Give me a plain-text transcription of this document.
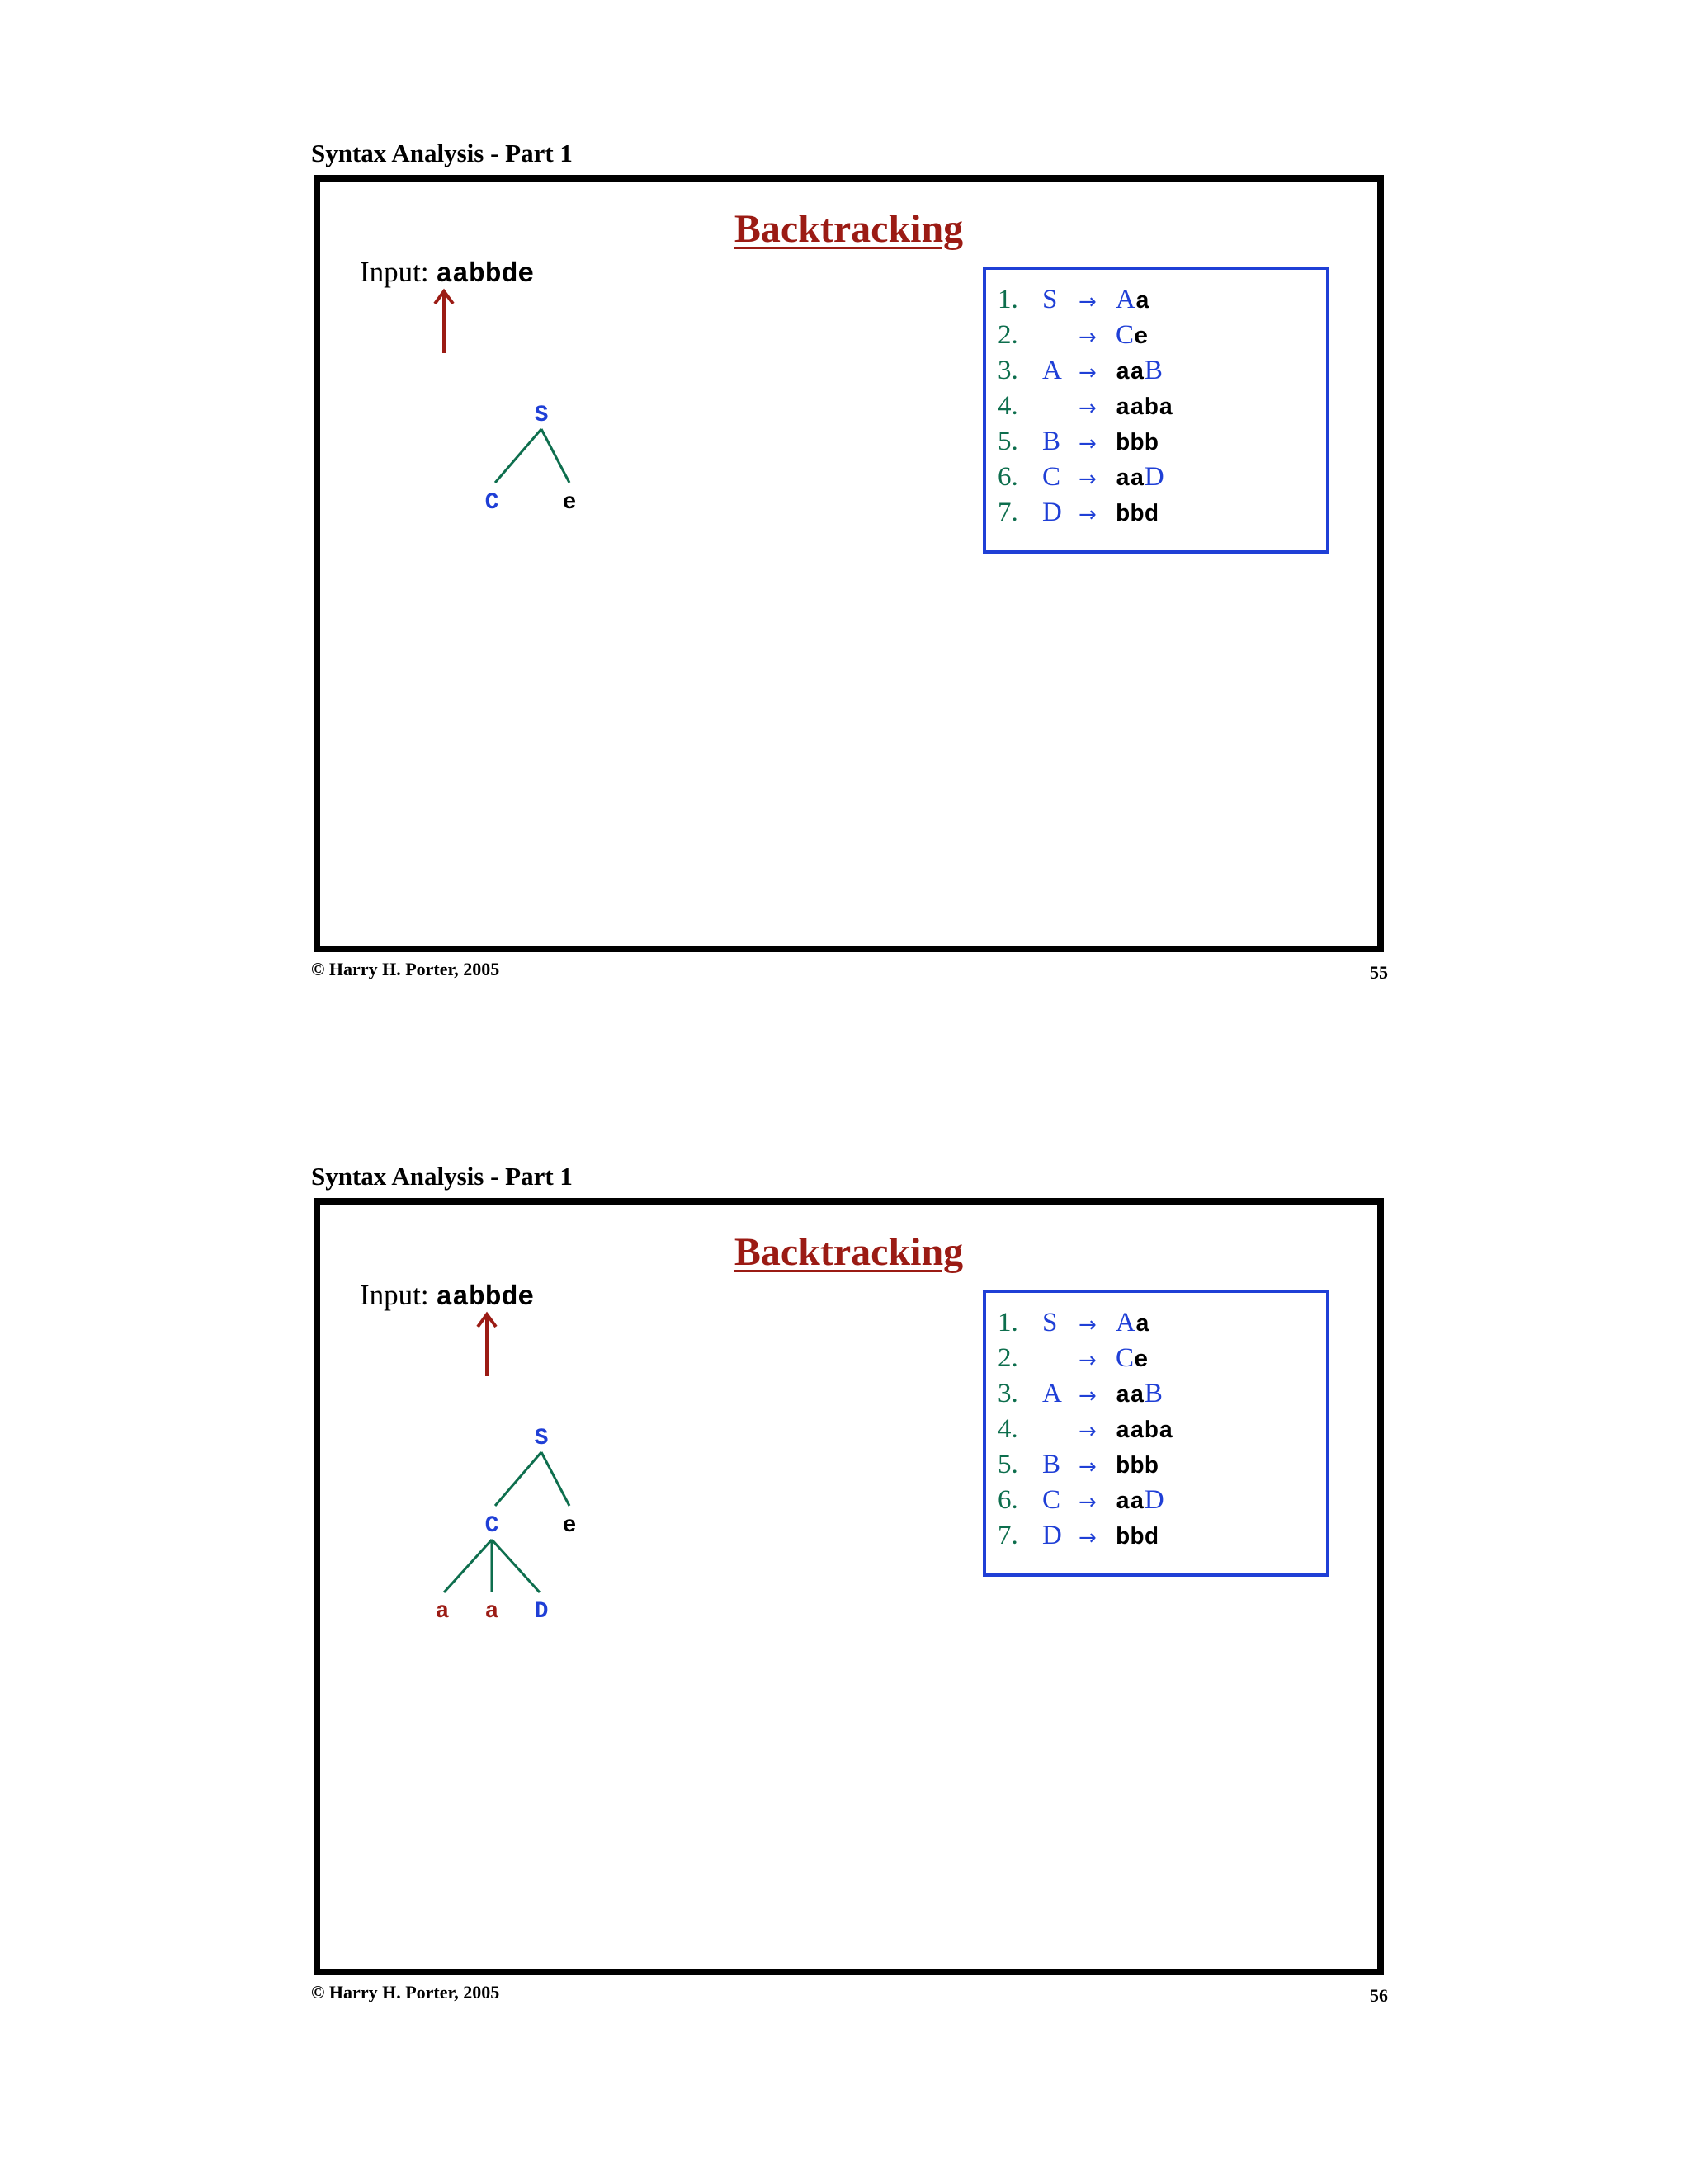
Syntax Analysis - Part 1
Backtracking
Input: aabbde
S
C	e
1. S → Aa
2.	→ Ce
3. A → aaB
4.	→ aaba
5. B → bbb
6. C → aaD
7. D → bbd
© Harry H. Porter, 2005	55
Syntax Analysis - Part 1
Backtracking
Input: aabbde
S
C	e
a a D
1. S → Aa
2.	→ Ce
3. A → aaB
4.	→ aaba
5. B → bbb
6. C → aaD
7. D → bbd
© Harry H. Porter, 2005	56
